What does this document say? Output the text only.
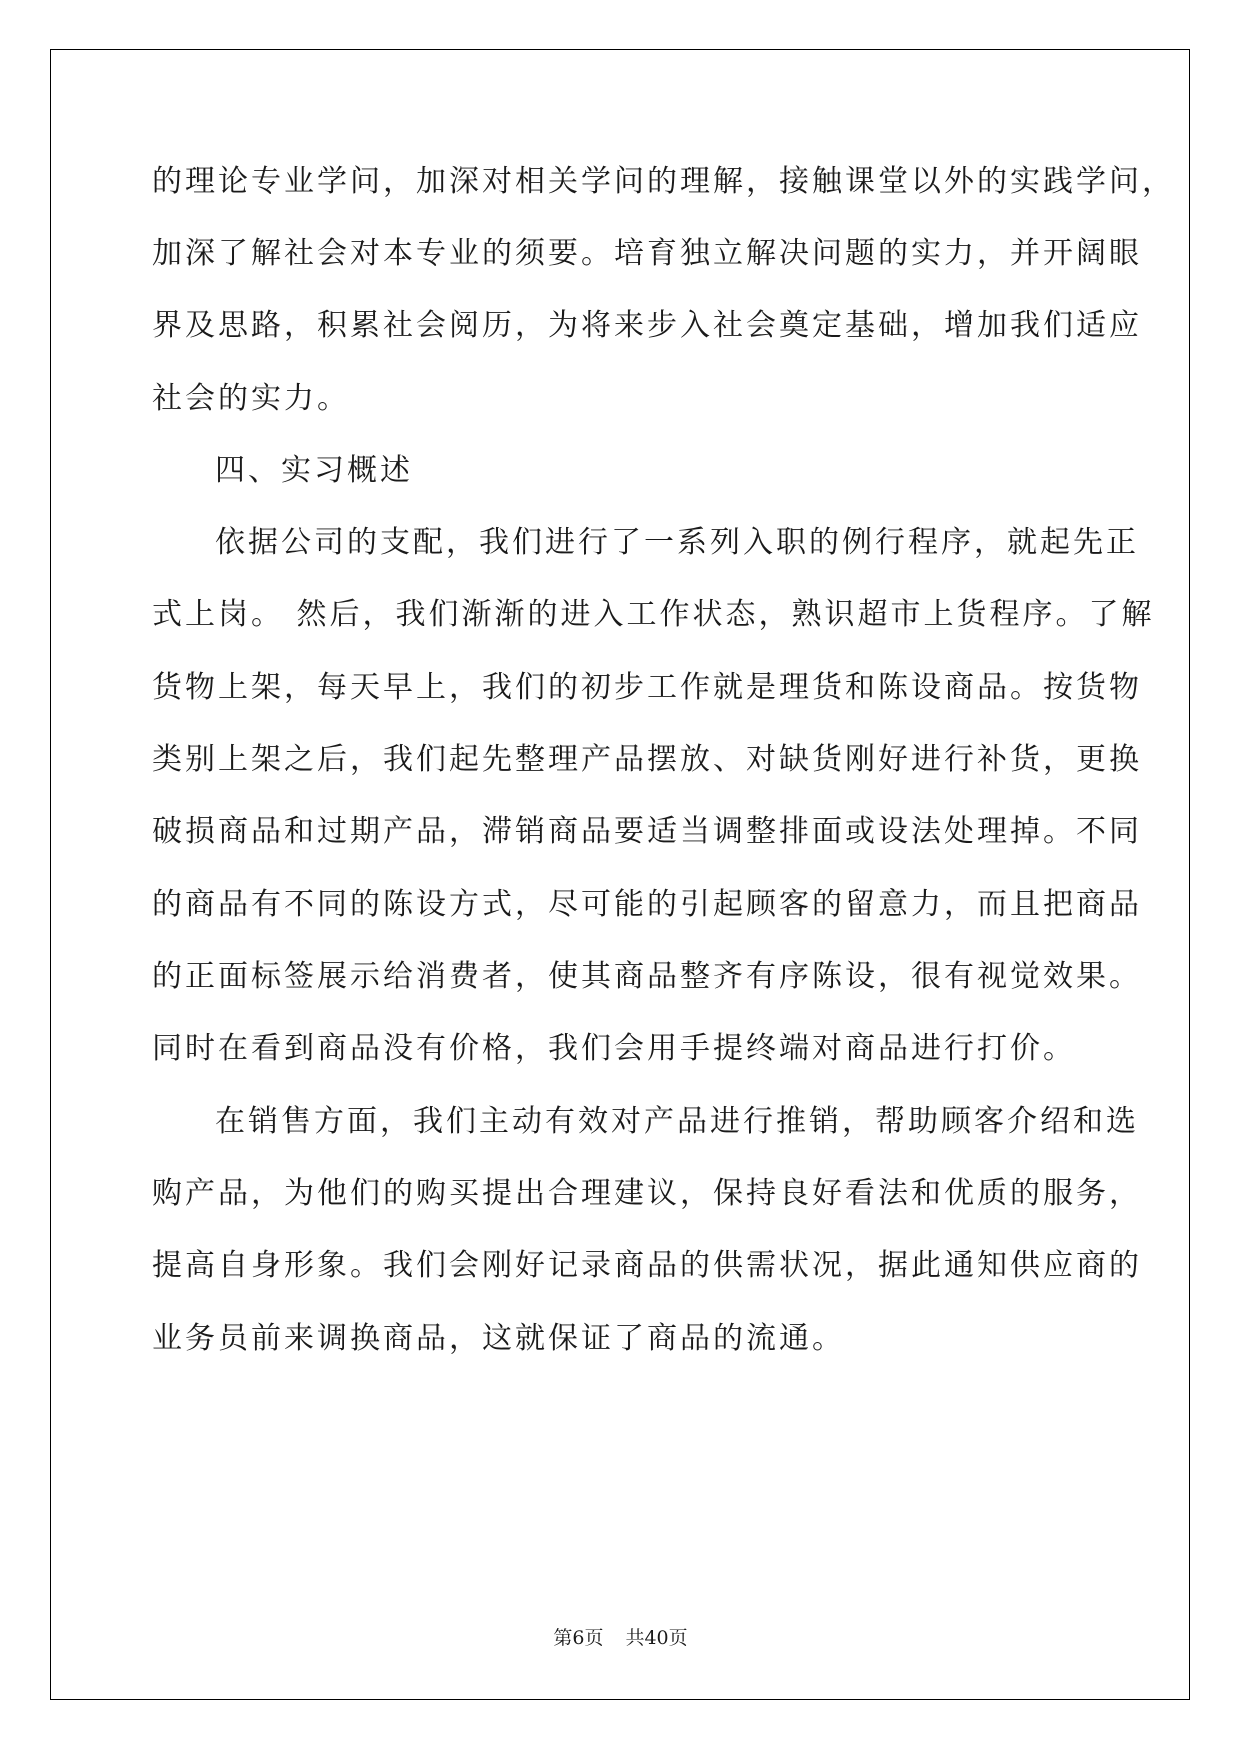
的理论专业学问，加深对相关学问的理解，接触课堂以外的实践学问，
加深了解社会对本专业的须要。培育独立解决问题的实力，并开阔眼
界及思路，积累社会阅历，为将来步入社会奠定基础，增加我们适应
社会的实力。
四、实习概述
依据公司的支配，我们进行了一系列入职的例行程序，就起先正
式上岗。 然后，我们渐渐的进入工作状态，熟识超市上货程序。了解
货物上架，每天早上，我们的初步工作就是理货和陈设商品。按货物
类别上架之后，我们起先整理产品摆放、对缺货刚好进行补货，更换
破损商品和过期产品，滞销商品要适当调整排面或设法处理掉。不同
的商品有不同的陈设方式，尽可能的引起顾客的留意力，而且把商品
的正面标签展示给消费者，使其商品整齐有序陈设，很有视觉效果。
同时在看到商品没有价格，我们会用手提终端对商品进行打价。
在销售方面，我们主动有效对产品进行推销，帮助顾客介绍和选
购产品，为他们的购买提出合理建议，保持良好看法和优质的服务，
提高自身形象。我们会刚好记录商品的供需状况，据此通知供应商的
业务员前来调换商品，这就保证了商品的流通。
第6页 共40页
